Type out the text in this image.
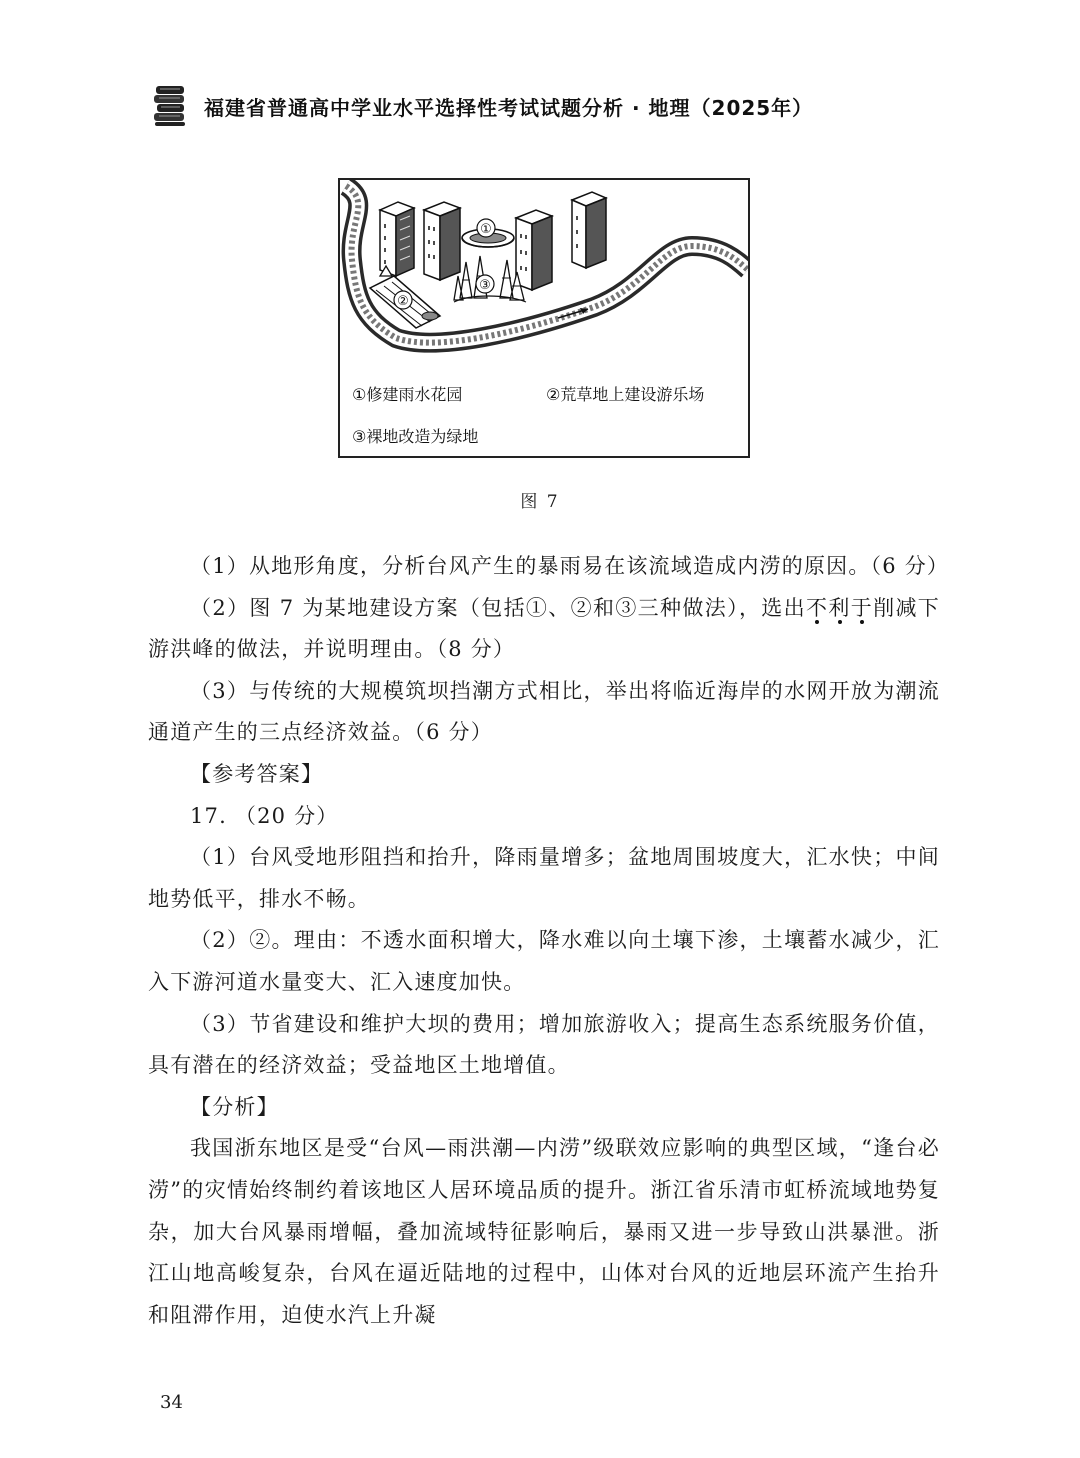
福建省普通高中学业水平选择性考试试题分析 · 地理（2025年）
①
③
②
①修建雨水花园	②荒草地上建设游乐场
③裸地改造为绿地
图 7

（1）从地形角度，分析台风产生的暴雨易在该流域造成内涝的原因。（6 分）

（2）图 7 为某地建设方案（包括①、②和③三种做法），选出不利于削减下游洪峰的做法，并说明理由。（8 分）

（3）与传统的大规模筑坝挡潮方式相比，举出将临近海岸的水网开放为潮流通道产生的三点经济效益。（6 分）

【参考答案】

17. （20 分）

（1）台风受地形阻挡和抬升，降雨量增多；盆地周围坡度大，汇水快；中间地势低平，排水不畅。

（2）②。理由：不透水面积增大，降水难以向土壤下渗，土壤蓄水减少，汇入下游河道水量变大、汇入速度加快。

（3）节省建设和维护大坝的费用；增加旅游收入；提高生态系统服务价值，具有潜在的经济效益；受益地区土地增值。

【分析】

我国浙东地区是受“台风—雨洪潮—内涝”级联效应影响的典型区域，“逢台必涝”的灾情始终制约着该地区人居环境品质的提升。浙江省乐清市虹桥流域地势复杂，加大台风暴雨增幅，叠加流域特征影响后，暴雨又进一步导致山洪暴泄。浙江山地高峻复杂，台风在逼近陆地的过程中，山体对台风的近地层环流产生抬升和阻滞作用，迫使水汽上升凝

34
